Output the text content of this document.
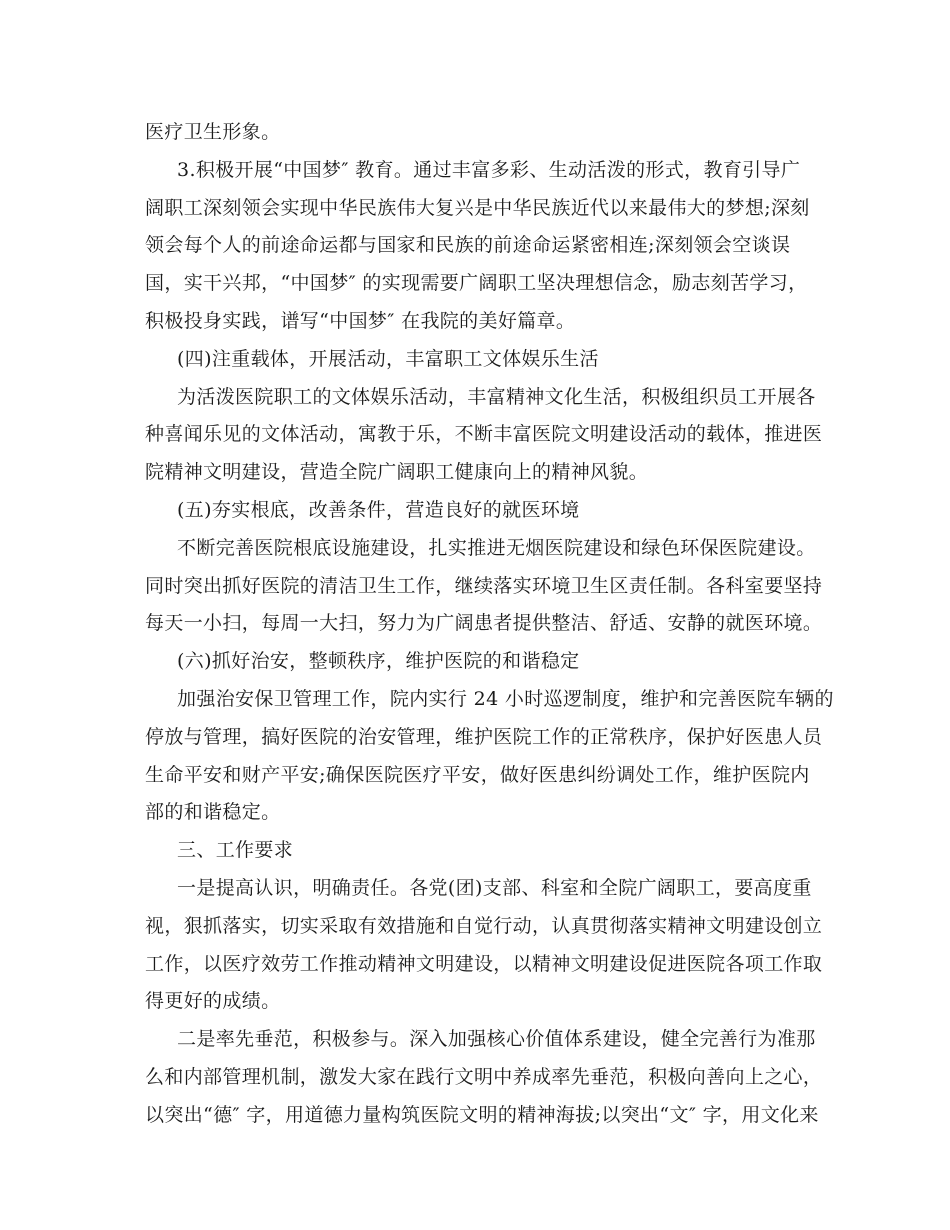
医疗卫生形象。
3.积极开展“中国梦″ 教育。通过丰富多彩、生动活泼的形式，教育引导广
阔职工深刻领会实现中华民族伟大复兴是中华民族近代以来最伟大的梦想;深刻
领会每个人的前途命运都与国家和民族的前途命运紧密相连;深刻领会空谈误
国，实干兴邦，“中国梦″ 的实现需要广阔职工坚决理想信念，励志刻苦学习，
积极投身实践，谱写“中国梦″ 在我院的美好篇章。
(四)注重载体，开展活动，丰富职工文体娱乐生活
为活泼医院职工的文体娱乐活动，丰富精神文化生活，积极组织员工开展各
种喜闻乐见的文体活动，寓教于乐，不断丰富医院文明建设活动的载体，推进医
院精神文明建设，营造全院广阔职工健康向上的精神风貌。
(五)夯实根底，改善条件，营造良好的就医环境
不断完善医院根底设施建设，扎实推进无烟医院建设和绿色环保医院建设。
同时突出抓好医院的清洁卫生工作，继续落实环境卫生区责任制。各科室要坚持
每天一小扫，每周一大扫，努力为广阔患者提供整洁、舒适、安静的就医环境。
(六)抓好治安，整顿秩序，维护医院的和谐稳定
加强治安保卫管理工作，院内实行 24 小时巡逻制度，维护和完善医院车辆的
停放与管理，搞好医院的治安管理，维护医院工作的正常秩序，保护好医患人员
生命平安和财产平安;确保医院医疗平安，做好医患纠纷调处工作，维护医院内
部的和谐稳定。
三、工作要求
一是提高认识，明确责任。各党(团)支部、科室和全院广阔职工，要高度重
视，狠抓落实，切实采取有效措施和自觉行动，认真贯彻落实精神文明建设创立
工作，以医疗效劳工作推动精神文明建设，以精神文明建设促进医院各项工作取
得更好的成绩。
二是率先垂范，积极参与。深入加强核心价值体系建设，健全完善行为准那
么和内部管理机制，激发大家在践行文明中养成率先垂范，积极向善向上之心，
以突出“德″ 字，用道德力量构筑医院文明的精神海拔;以突出“文″ 字，用文化来
